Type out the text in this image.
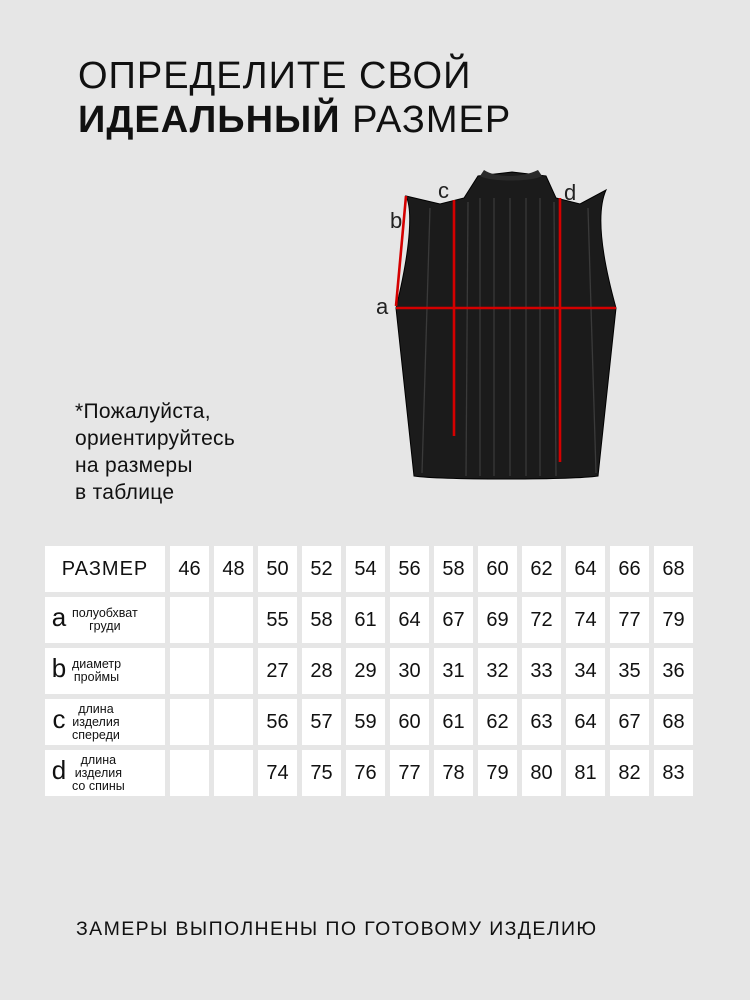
ОПРЕДЕЛИТЕ СВОЙ
ИДЕАЛЬНЫЙ РАЗМЕР
a
b
c	d
*Пожалуйста,
ориентируйтесь
на размеры
в таблице
РАЗМЕР	46	48	50	52	54	56	58	60	62	64	66	68

a полуобхват
груди			55	58	61	64	67	69	72	74	77	79

b диаметр
проймы			27	28	29	30	31	32	33	34	35	36

c длина
изделия
спереди			56	57	59	60	61	62	63	64	67	68

d длина
изделия
со спины			74	75	76	77	78	79	80	81	82	83
ЗАМЕРЫ ВЫПОЛНЕНЫ ПО ГОТОВОМУ ИЗДЕЛИЮ
